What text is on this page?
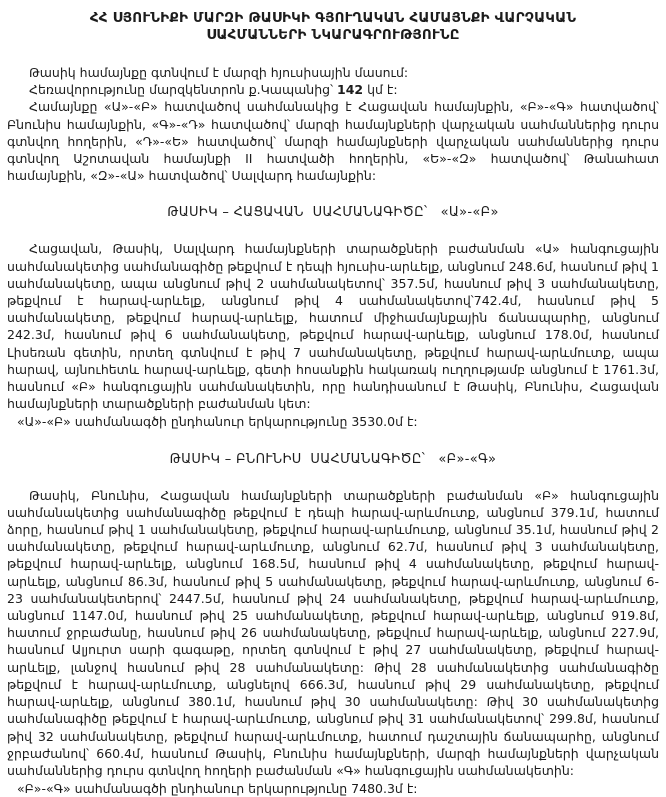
ՀՀ ՍՅՈՒՆԻՔԻ ՄԱՐԶԻ ԹԱՍԻԿԻ ԳՅՈՒՂԱԿԱՆ ՀԱՄԱՅՆՔԻ ՎԱՐՉԱԿԱՆ
ՍԱՀՄԱՆՆԵՐԻ ՆԿԱՐԱԳՐՈՒԹՅՈՒՆԸ

Թասիկ համայնքը գտնվում է մարզի հյուսիսային մասում:

Հեռավորությունը մարզկենտրոն ք.Կապանից՝ 142 կմ է:

Համայնքը «Ա»-«Բ» հատվածով սահմանակից է Հացավան համայնքին, «Բ»-«Գ» հատվածով՝ Բնունիս համայնքին, «Գ»-«Դ» հատվածով՝ մարզի համայնքների վարչական սահմաններից դուրս գտնվող հողերին, «Դ»-«Ե» հատվածով՝ մարզի համայնքների վարչական սահմաններից դուրս գտնվող Աշոտավան համայնքի II հատվածի հողերին, «Ե»-«Զ» հատվածով՝ Թանահատ համայնքին, «Զ»-«Ա» հատվածով՝ Սալվարդ համայնքին:

ԹԱՍԻԿ – ՀԱՑԱՎԱՆ  ՍԱՀՄԱՆԱԳԻԾԸ՝   «Ա»-«Բ»

Հացավան, Թասիկ, Սալվարդ համայնքների տարածքների բաժանման «Ա» հանգուցային սահմանակետից սահմանագիծը թեքվում է դեպի հյուսիս-արևելք, անցնում 248.6մ, հասնում թիվ 1 սահմանակետը, ապա անցնում թիվ 2 սահմանակետով՝ 357.5մ, հասնում թիվ 3 սահմանակետը, թեքվում է հարավ-արևելք, անցնում թիվ 4 սահմանակետով՝742.4մ, հասնում թիվ 5 սահմանակետը, թեքվում հարավ-արևելք, հատում միջհամայնքային ճանապարհը, անցնում 242.3մ, հասնում թիվ 6 սահմանակետը, թեքվում հարավ-արևելք, անցնում 178.0մ, հասնում Լիսեռան գետին, որտեղ գտնվում է թիվ 7 սահմանակետը, թեքվում հարավ-արևմուտք, ապա հարավ, այնուհետև հարավ-արևելք, գետի հոսանքին հակառակ ուղղությամբ անցնում է 1761.3մ, հասնում «Բ» հանգուցային սահմանակետին, որը հանդիսանում է Թասիկ, Բնունիս, Հացավան համայնքների տարածքների բաժանման կետ:

«Ա»-«Բ» սահմանագծի ընդհանուր երկարությունը 3530.0մ է:

ԹԱՍԻԿ – ԲՆՈՒՆԻՍ  ՍԱՀՄԱՆԱԳԻԾԸ՝   «Բ»-«Գ»

Թասիկ, Բնունիս, Հացավան համայնքների տարածքների բաժանման «Բ» հանգուցային սահմանակետից սահմանագիծը թեքվում է դեպի հարավ-արևմուտք, անցնում 379.1մ, հատում ձորը, հասնում թիվ 1 սահմանակետը, թեքվում հարավ-արևմուտք, անցնում 35.1մ, հասնում թիվ 2 սահմանակետը, թեքվում հարավ-արևմուտք, անցնում 62.7մ, հասնում թիվ 3 սահմանակետը, թեքվում հարավ-արևելք, անցնում 168.5մ, հասնում թիվ 4 սահմանակետը, թեքվում հարավ-արևելք, անցնում 86.3մ, հասնում թիվ 5 սահմանակետը, թեքվում հարավ-արևմուտք, անցնում 6-23 սահմանակետերով՝ 2447.5մ, հասնում թիվ 24 սահմանակետը, թեքվում հարավ-արևմուտք, անցնում 1147.0մ, հասնում թիվ 25 սահմանակետը, թեքվում հարավ-արևելք, անցնում 919.8մ, հատում ջրբաժանը, հասնում թիվ 26 սահմանակետը, թեքվում հարավ-արևելք, անցնում 227.9մ, հասնում Ալյուրտ սարի գագաթը, որտեղ գտնվում է թիվ 27 սահմանակետը, թեքվում հարավ-արևելք, լանջով հասնում թիվ 28 սահմանակետը: Թիվ 28 սահմանակետից սահմանագիծը թեքվում է հարավ-արևմուտք, անցնելով 666.3մ, հասնում թիվ 29 սահմանակետը, թեքվում հարավ-արևելք, անցնում 380.1մ, հասնում թիվ 30 սահմանակետը: Թիվ 30 սահմանակետից սահմանագիծը թեքվում է հարավ-արևմուտք, անցնում թիվ 31 սահմանակետով՝ 299.8մ, հասնում թիվ 32 սահմանակետը, թեքվում հարավ-արևմուտք, հատում դաշտային ճանապարհը, անցնում ջրբաժանով՝ 660.4մ, հասնում Թասիկ, Բնունիս համայնքների, մարզի համայնքների վարչական սահմաններից դուրս գտնվող հողերի բաժանման «Գ» հանգուցային սահմանակետին:

«Բ»-«Գ» սահմանագծի ընդհանուր երկարությունը 7480.3մ է:
